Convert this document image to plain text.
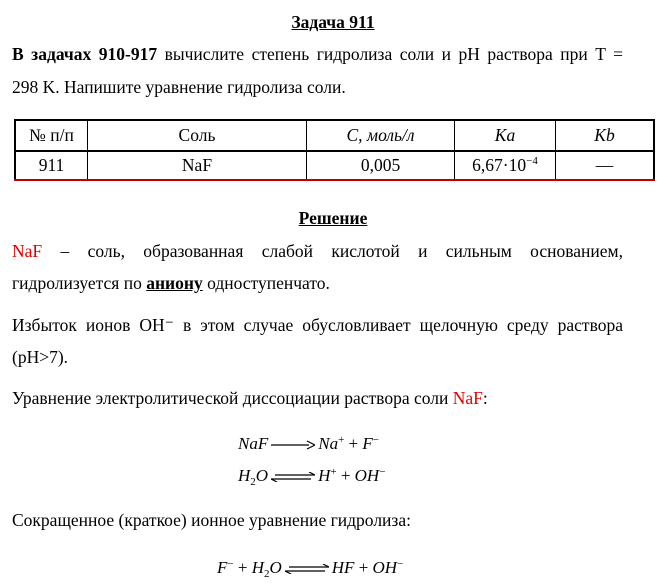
Задача 911
В задачах 910-917 вычислите степень гидролиза соли и pH раствора при T =
298 K. Напишите уравнение гидролиза соли.
№ п/п	Соль	C, моль/л	Ka	Kb
911	NaF	0,005	$6,67\cdot 10^{-4}$	—
Решение
NaF – соль, образованная слабой кислотой и сильным основанием,
гидролизуется по аниону одноступенчато.
Избыток ионов OH⁻ в этом случае обусловливает щелочную среду раствора
(pH>7).
Уравнение электролитической диссоциации раствора соли NaF:
NaF	Na+ + F−
$H_2O$ ⇌ H+ + OH−
Сокращенное (краткое) ионное уравнение гидролиза:
$F^- + H_2O$ ⇌ HF + OH−
